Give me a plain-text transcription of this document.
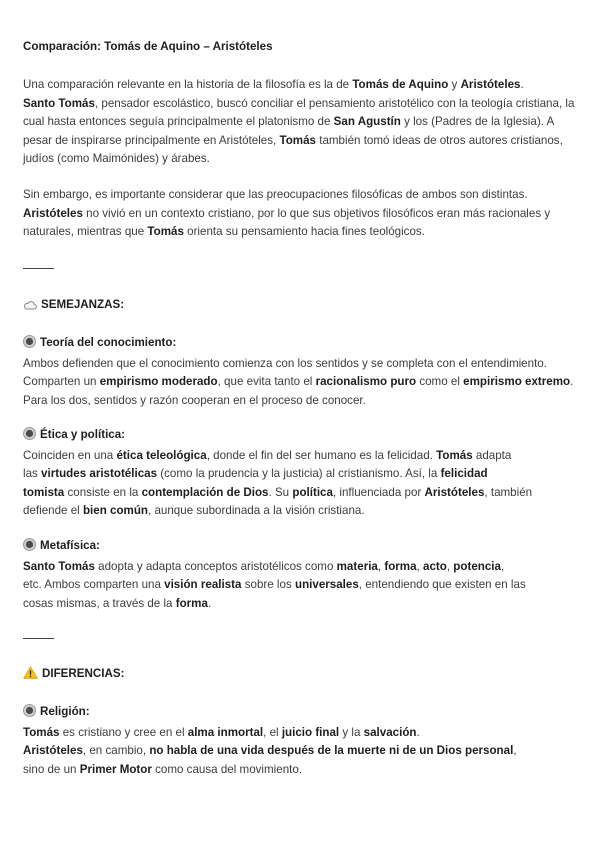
Comparación: Tomás de Aquino – Aristóteles

Una comparación relevante en la historia de la filosofía es la de Tomás de Aquino y Aristóteles.
Santo Tomás, pensador escolástico, buscó conciliar el pensamiento aristotélico con la teología cristiana, la cual hasta entonces seguía principalmente el platonismo de San Agustín y los (Padres de la Iglesia). A pesar de inspirarse principalmente en Aristóteles, Tomás también tomó ideas de otros autores cristianos, judíos (como Maimónides) y árabes.

Sin embargo, es importante considerar que las preocupaciones filosóficas de ambos son distintas. Aristóteles no vivió en un contexto cristiano, por lo que sus objetivos filosóficos eran más racionales y naturales, mientras que Tomás orienta su pensamiento hacia fines teológicos.

SEMEJANZAS:
Teoría del conocimiento:
Ambos defienden que el conocimiento comienza con los sentidos y se completa con el entendimiento. Comparten un empirismo moderado, que evita tanto el racionalismo puro como el empirismo extremo. Para los dos, sentidos y razón cooperan en el proceso de conocer.
Ética y política:
Coinciden en una ética teleológica, donde el fin del ser humano es la felicidad. Tomás adapta
las virtudes aristotélicas (como la prudencia y la justicia) al cristianismo. Así, la felicidad
tomista consiste en la contemplación de Dios. Su política, influenciada por Aristóteles, también
defiende el bien común, aunque subordinada a la visión cristiana.
Metafísica:
Santo Tomás adopta y adapta conceptos aristotélicos como materia, forma, acto, potencia,
etc. Ambos comparten una visión realista sobre los universales, entendiendo que existen en las
cosas mismas, a través de la forma.
DIFERENCIAS:
Religión:
Tomás es cristiano y cree en el alma inmortal, el juicio final y la salvación.
Aristóteles, en cambio, no habla de una vida después de la muerte ni de un Dios personal,
sino de un Primer Motor como causa del movimiento.
